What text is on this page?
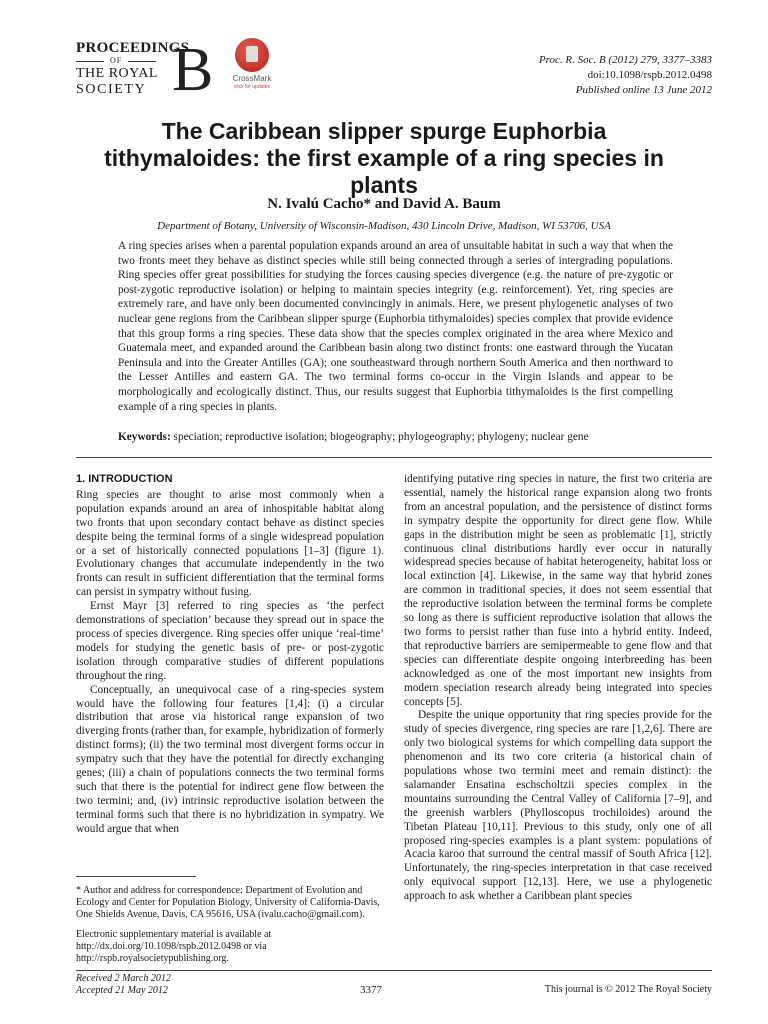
PROCEEDINGS
OF
THE ROYAL
SOCIETY B	CrossMark
click for updates
Proc. R. Soc. B (2012) 279, 3377–3383
doi:10.1098/rspb.2012.0498
Published online 13 June 2012
The Caribbean slipper spurge Euphorbia tithymaloides: the first example of a ring species in plants
N. Ivalú Cacho* and David A. Baum
Department of Botany, University of Wisconsin-Madison, 430 Lincoln Drive, Madison, WI 53706, USA
A ring species arises when a parental population expands around an area of unsuitable habitat in such a way that when the two fronts meet they behave as distinct species while still being connected through a series of intergrading populations. Ring species offer great possibilities for studying the forces causing species divergence (e.g. the nature of pre-zygotic or post-zygotic reproductive isolation) or helping to maintain species integrity (e.g. reinforcement). Yet, ring species are extremely rare, and have only been documented convincingly in animals. Here, we present phylogenetic analyses of two nuclear gene regions from the Caribbean slipper spurge (Euphorbia tithymaloides) species complex that provide evidence that this group forms a ring species. These data show that the species complex originated in the area where Mexico and Guatemala meet, and expanded around the Caribbean basin along two distinct fronts: one eastward through the Yucatan Peninsula and into the Greater Antilles (GA); one southeastward through northern South America and then northward to the Lesser Antilles and eastern GA. The two terminal forms co-occur in the Virgin Islands and appear to be morphologically and ecologically distinct. Thus, our results suggest that Euphorbia tithymaloides is the first compelling example of a ring species in plants.
Keywords: speciation; reproductive isolation; biogeography; phylogeography; phylogeny; nuclear gene
1. INTRODUCTION

Ring species are thought to arise most commonly when a population expands around an area of inhospitable habitat along two fronts that upon secondary contact behave as distinct species despite being the terminal forms of a single widespread population or a set of historically connected populations [1–3] (figure 1). Evolutionary changes that accumulate independently in the two fronts can result in sufficient differentiation that the terminal forms can persist in sympatry without fusing.

Ernst Mayr [3] referred to ring species as ‘the perfect demonstrations of speciation’ because they spread out in space the process of species divergence. Ring species offer unique ‘real-time’ models for studying the genetic basis of pre- or post-zygotic isolation through comparative studies of different populations throughout the ring.

Conceptually, an unequivocal case of a ring-species system would have the following four features [1,4]: (i) a circular distribution that arose via historical range expansion of two diverging fronts (rather than, for example, hybridization of formerly distinct forms); (ii) the two terminal most divergent forms occur in sympatry such that they have the potential for directly exchanging genes; (iii) a chain of populations connects the two terminal forms such that there is the potential for indirect gene flow between the two termini; and, (iv) intrinsic reproductive isolation between the terminal forms such that there is no hybridization in sympatry. We would argue that when

identifying putative ring species in nature, the first two criteria are essential, namely the historical range expansion along two fronts from an ancestral population, and the persistence of distinct forms in sympatry despite the opportunity for direct gene flow. While gaps in the distribution might be seen as problematic [1], strictly continuous clinal distributions hardly ever occur in naturally widespread species because of habitat heterogeneity, habitat loss or local extinction [4]. Likewise, in the same way that hybrid zones are common in traditional species, it does not seem essential that the reproductive isolation between the terminal forms be complete so long as there is sufficient reproductive isolation that allows the two forms to persist rather than fuse into a hybrid entity. Indeed, that reproductive barriers are semipermeable to gene flow and that species can differentiate despite ongoing interbreeding has been acknowledged as one of the most important new insights from modern speciation research already being integrated into species concepts [5].

Despite the unique opportunity that ring species provide for the study of species divergence, ring species are rare [1,2,6]. There are only two biological systems for which compelling data support the phenomenon and its two core criteria (a historical chain of populations whose two termini meet and remain distinct): the salamander Ensatina eschscholtzii species complex in the mountains surrounding the Central Valley of California [7–9], and the greenish warblers (Phylloscopus trochiloides) around the Tibetan Plateau [10,11]. Previous to this study, only one of all proposed ring-species examples is a plant system: populations of Acacia karoo that surround the central massif of South Africa [12]. Unfortunately, the ring-species interpretation in that case received only equivocal support [12,13]. Here, we use a phylogenetic approach to ask whether a Caribbean plant species

* Author and address for correspondence: Department of Evolution and Ecology and Center for Population Biology, University of California-Davis, One Shields Avenue, Davis, CA 95616, USA (ivalu.cacho@gmail.com).

Electronic supplementary material is available at http://dx.doi.org/10.1098/rspb.2012.0498 or via http://rspb.royalsocietypublishing.org.

Received 2 March 2012
Accepted 21 May 2012	3377	This journal is © 2012 The Royal Society
